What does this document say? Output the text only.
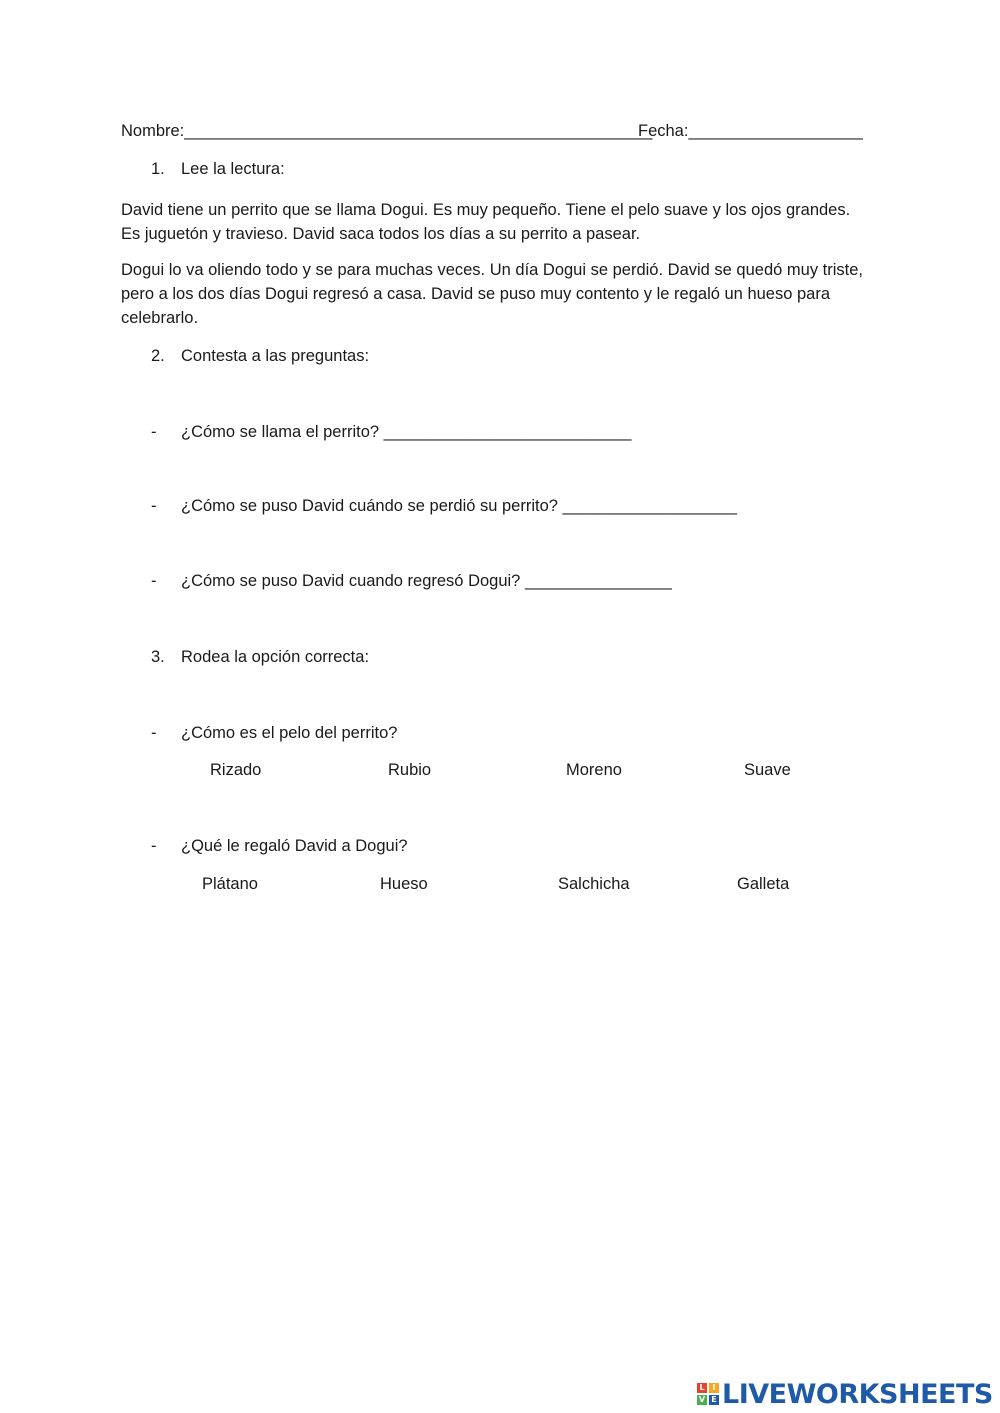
Nombre:___________________________________________________
Fecha:___________________
1. Lee la lectura:
David tiene un perrito que se llama Dogui. Es muy pequeño. Tiene el pelo suave y los ojos grandes.
Es juguetón y travieso. David saca todos los días a su perrito a pasear.
Dogui lo va oliendo todo y se para muchas veces. Un día Dogui se perdió. David se quedó muy triste,
pero a los dos días Dogui regresó a casa. David se puso muy contento y le regaló un hueso para
celebrarlo.
2. Contesta a las preguntas:
- ¿Cómo se llama el perrito? ___________________________
- ¿Cómo se puso David cuándo se perdió su perrito? ___________________
- ¿Cómo se puso David cuando regresó Dogui? ________________
3. Rodea la opción correcta:
- ¿Cómo es el pelo del perrito?
Rizado	Rubio	Moreno	Suave
- ¿Qué le regaló David a Dogui?
Plátano	Hueso	Salchicha	Galleta
L I
V E LIVEWORKSHEETS
